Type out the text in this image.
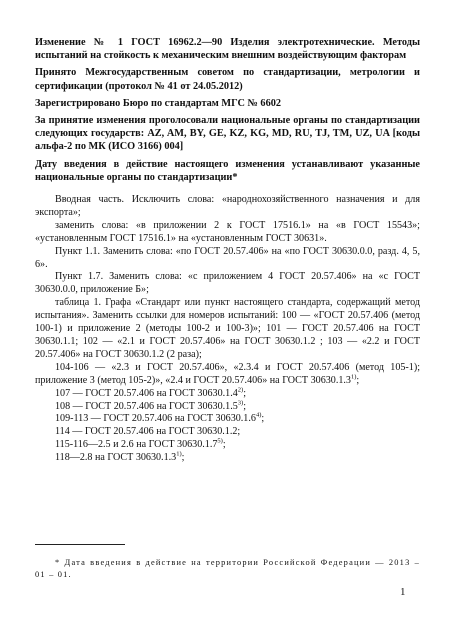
Изменение № 1 ГОСТ 16962.2—90 Изделия электротехнические. Методы испытаний на стойкость к механическим внешним воздействующим факторам

Принято Межгосударственным советом по стандартизации, метрологии и сертификации (протокол № 41 от 24.05.2012)

Зарегистрировано Бюро по стандартам МГС № 6602

За принятие изменения проголосовали национальные органы по стандартизации следующих государств: AZ, AM, BY, GE, KZ, KG, MD, RU, TJ, TM, UZ, UA [коды альфа-2 по МК (ИСО 3166) 004]

Дату введения в действие настоящего изменения устанавливают указанные национальные органы по стандартизации*

Вводная часть. Исключить слова: «народнохозяйственного назначения и для экспорта»;

заменить слова: «в приложении 2 к ГОСТ 17516.1» на «в ГОСТ 15543»; «установленным ГОСТ 17516.1» на «установленным ГОСТ 30631».

Пункт 1.1. Заменить слова: «по ГОСТ 20.57.406» на «по ГОСТ 30630.0.0, разд. 4, 5, 6».

Пункт 1.7. Заменить слова: «с приложением 4 ГОСТ 20.57.406» на «с ГОСТ 30630.0.0, приложение Б»;

таблица 1. Графа «Стандарт или пункт настоящего стандарта, содержащий метод испытания». Заменить ссылки для номеров испытаний: 100 — «ГОСТ 20.57.406 (метод 100-1) и приложение 2 (методы 100-2 и 100-3)»; 101 — ГОСТ 20.57.406 на ГОСТ 30630.1.1; 102 — «2.1 и ГОСТ 20.57.406» на ГОСТ 30630.1.2 ; 103 — «2.2 и ГОСТ 20.57.406» на ГОСТ 30630.1.2 (2 раза);

104-106 — «2.3 и ГОСТ 20.57.406», «2.3.4 и ГОСТ 20.57.406 (метод 105-1); приложение 3 (метод 105-2)», «2.4 и ГОСТ 20.57.406» на ГОСТ 30630.1.3$^{1)}$;

107 — ГОСТ 20.57.406 на ГОСТ 30630.1.4$^{2)}$;

108 — ГОСТ 20.57.406 на ГОСТ 30630.1.5$^{3)}$;

109-113 — ГОСТ 20.57.406 на ГОСТ 30630.1.6$^{4)}$;

114 — ГОСТ 20.57.406 на ГОСТ 30630.1.2;

115-116—2.5 и 2.6 на ГОСТ 30630.1.7$^{5)}$;

118—2.8 на ГОСТ 30630.1.3$^{1)}$;

* Дата введения в действие на территории Российской Федерации — 2013 – 01 – 01.

1
